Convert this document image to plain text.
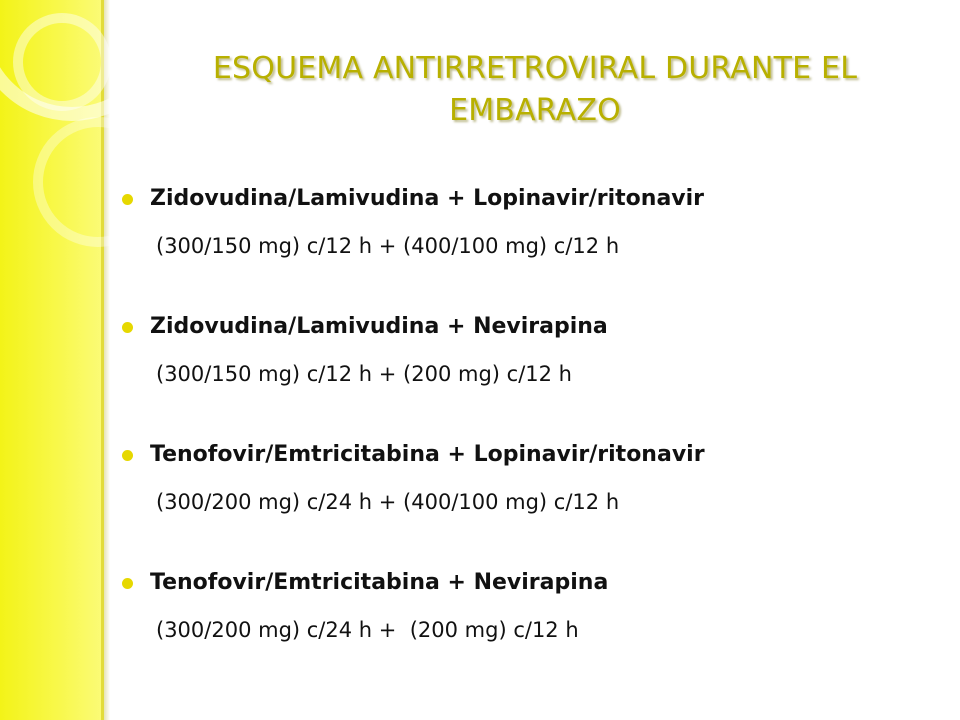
ESQUEMA ANTIRRETROVIRAL DURANTE EL
EMBARAZO
Zidovudina/Lamivudina + Lopinavir/ritonavir
(300/150 mg) c/12 h + (400/100 mg) c/12 h
Zidovudina/Lamivudina + Nevirapina
(300/150 mg) c/12 h + (200 mg) c/12 h
Tenofovir/Emtricitabina + Lopinavir/ritonavir
(300/200 mg) c/24 h + (400/100 mg) c/12 h
Tenofovir/Emtricitabina + Nevirapina
(300/200 mg) c/24 h +  (200 mg) c/12 h
